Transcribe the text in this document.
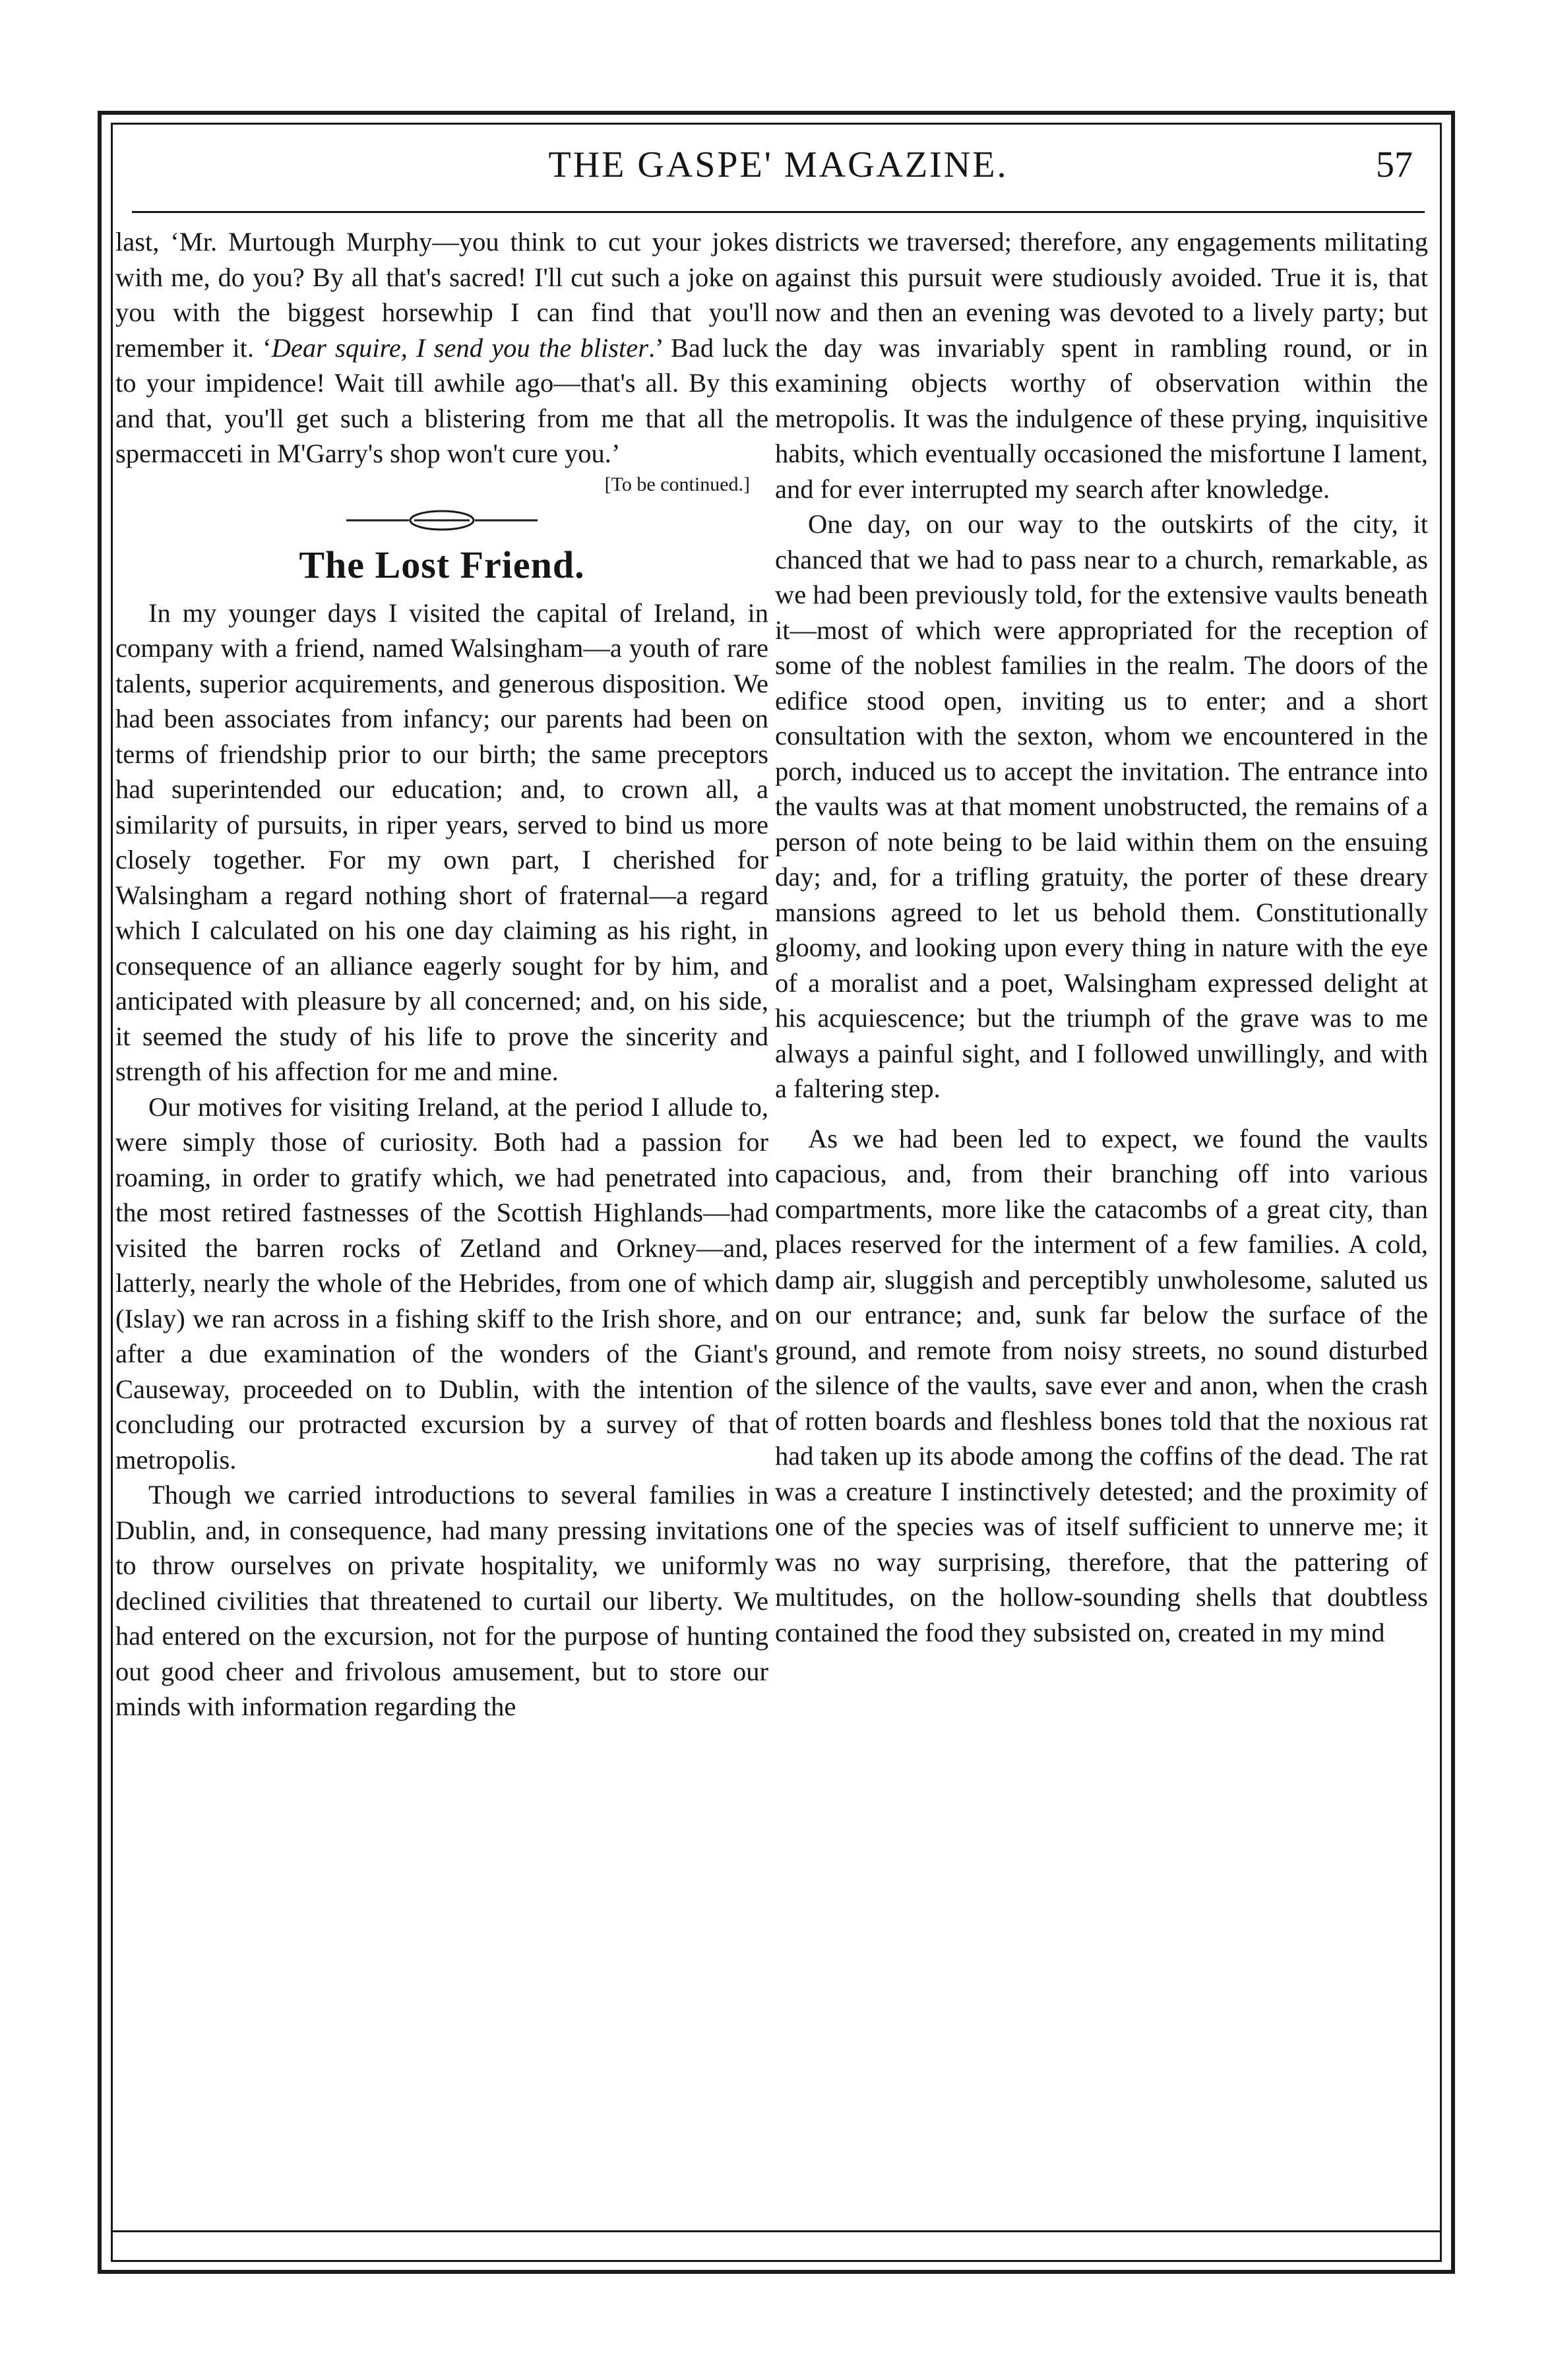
THE GASPE' MAGAZINE.	57

last, ‘Mr. Murtough Murphy—you think to cut your jokes with me, do you? By all that's sacred! I'll cut such a joke on you with the biggest horsewhip I can find that you'll remember it. ‘Dear squire, I send you the blister.’ Bad luck to your impidence! Wait till awhile ago—that's all. By this and that, you'll get such a blistering from me that all the spermacceti in M'Garry's shop won't cure you.’

[To be continued.]

The Lost Friend.

In my younger days I visited the capital of Ireland, in company with a friend, named Walsingham—a youth of rare talents, superior acquirements, and generous disposition. We had been associates from infancy; our parents had been on terms of friendship prior to our birth; the same preceptors had superintended our education; and, to crown all, a similarity of pursuits, in riper years, served to bind us more closely together. For my own part, I cherished for Walsingham a regard nothing short of fraternal—a regard which I calculated on his one day claiming as his right, in consequence of an alliance eagerly sought for by him, and anticipated with pleasure by all concerned; and, on his side, it seemed the study of his life to prove the sincerity and strength of his affection for me and mine.

Our motives for visiting Ireland, at the period I allude to, were simply those of curiosity. Both had a passion for roaming, in order to gratify which, we had penetrated into the most retired fastnesses of the Scottish Highlands—had visited the barren rocks of Zetland and Orkney—and, latterly, nearly the whole of the Hebrides, from one of which (Islay) we ran across in a fishing skiff to the Irish shore, and after a due examination of the wonders of the Giant's Causeway, proceeded on to Dublin, with the intention of concluding our protracted excursion by a survey of that metropolis.

Though we carried introductions to several families in Dublin, and, in consequence, had many pressing invitations to throw ourselves on private hospitality, we uniformly declined civilities that threatened to curtail our liberty. We had entered on the excursion, not for the purpose of hunting out good cheer and frivolous amusement, but to store our minds with information regarding the

districts we traversed; therefore, any engagements militating against this pursuit were studiously avoided. True it is, that now and then an evening was devoted to a lively party; but the day was invariably spent in rambling round, or in examining objects worthy of observation within the metropolis. It was the indulgence of these prying, inquisitive habits, which eventually occasioned the misfortune I lament, and for ever interrupted my search after knowledge.

One day, on our way to the outskirts of the city, it chanced that we had to pass near to a church, remarkable, as we had been previously told, for the extensive vaults beneath it—most of which were appropriated for the reception of some of the noblest families in the realm. The doors of the edifice stood open, inviting us to enter; and a short consultation with the sexton, whom we encountered in the porch, induced us to accept the invitation. The entrance into the vaults was at that moment unobstructed, the remains of a person of note being to be laid within them on the ensuing day; and, for a trifling gratuity, the porter of these dreary mansions agreed to let us behold them. Constitutionally gloomy, and looking upon every thing in nature with the eye of a moralist and a poet, Walsingham expressed delight at his acquiescence; but the triumph of the grave was to me always a painful sight, and I followed unwillingly, and with a faltering step.

As we had been led to expect, we found the vaults capacious, and, from their branching off into various compartments, more like the catacombs of a great city, than places reserved for the interment of a few families. A cold, damp air, sluggish and perceptibly unwholesome, saluted us on our entrance; and, sunk far below the surface of the ground, and remote from noisy streets, no sound disturbed the silence of the vaults, save ever and anon, when the crash of rotten boards and fleshless bones told that the noxious rat had taken up its abode among the coffins of the dead. The rat was a creature I instinctively detested; and the proximity of one of the species was of itself sufficient to unnerve me; it was no way surprising, therefore, that the pattering of multitudes, on the hollow-sounding shells that doubtless contained the food they subsisted on, created in my mind
